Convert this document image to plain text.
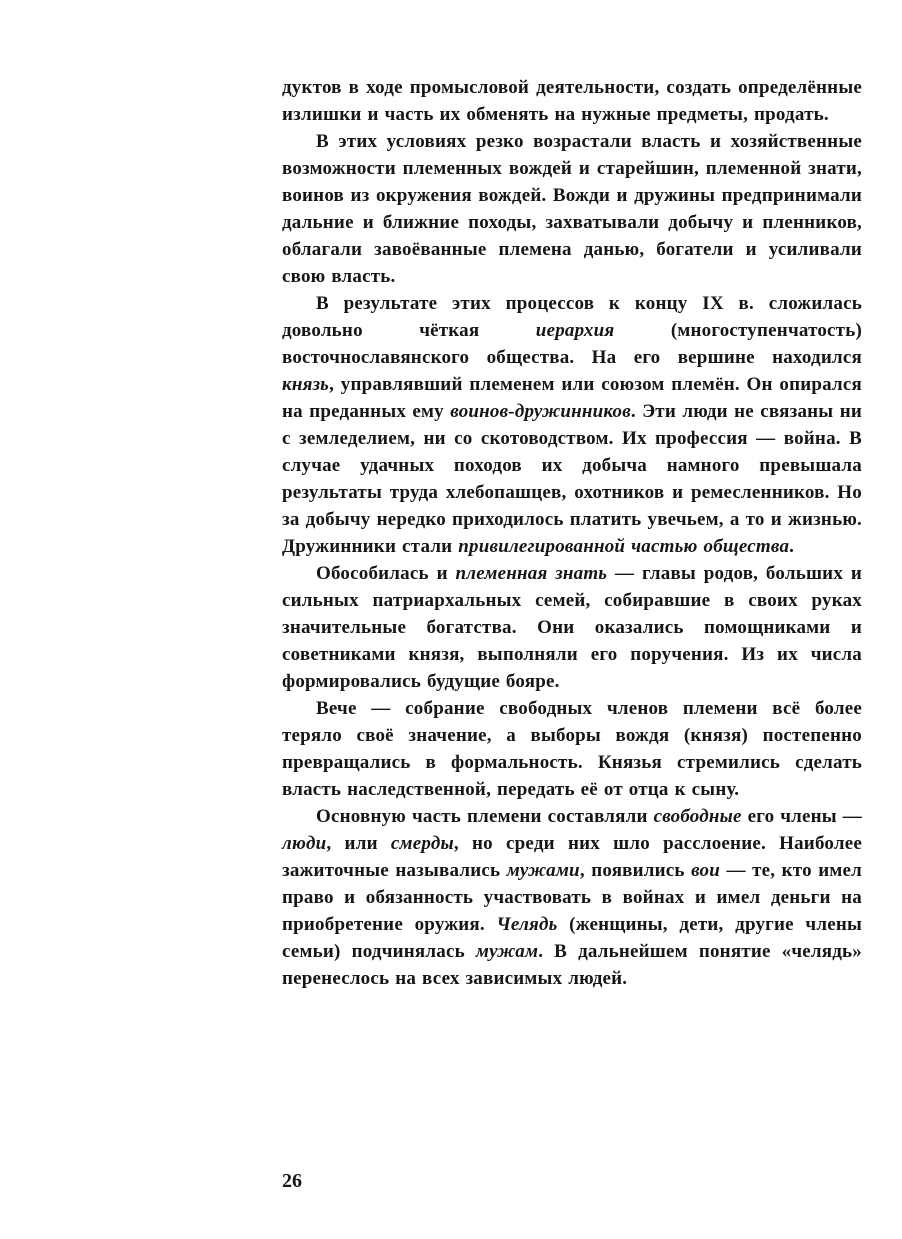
дуктов в ходе промысловой деятельности, создать определённые излишки и часть их обменять на нужные предметы, продать.

В этих условиях резко возрастали власть и хозяйственные возможности племенных вождей и старейшин, племенной знати, воинов из окружения вождей. Вожди и дружины предпринимали дальние и ближние походы, захватывали добычу и пленников, облагали завоёванные племена данью, богатели и усиливали свою власть.

В результате этих процессов к концу IX в. сложилась довольно чёткая иерархия (многоступенчатость) восточнославянского общества. На его вершине находился князь, управлявший племенем или союзом племён. Он опирался на преданных ему воинов-дружинников. Эти люди не связаны ни с земледелием, ни со скотоводством. Их профессия — война. В случае удачных походов их добыча намного превышала результаты труда хлебопашцев, охотников и ремесленников. Но за добычу нередко приходилось платить увечьем, а то и жизнью. Дружинники стали привилегированной частью общества.

Обособилась и племенная знать — главы родов, больших и сильных патриархальных семей, собиравшие в своих руках значительные богатства. Они оказались помощниками и советниками князя, выполняли его поручения. Из их числа формировались будущие бояре.

Вече — собрание свободных членов племени всё более теряло своё значение, а выборы вождя (князя) постепенно превращались в формальность. Князья стремились сделать власть наследственной, передать её от отца к сыну.

Основную часть племени составляли свободные его члены — люди, или смерды, но среди них шло расслоение. Наиболее зажиточные назывались мужами, появились вои — те, кто имел право и обязанность участвовать в войнах и имел деньги на приобретение оружия. Челядь (женщины, дети, другие члены семьи) подчинялась мужам. В дальнейшем понятие «челядь» перенеслось на всех зависимых людей.

26
